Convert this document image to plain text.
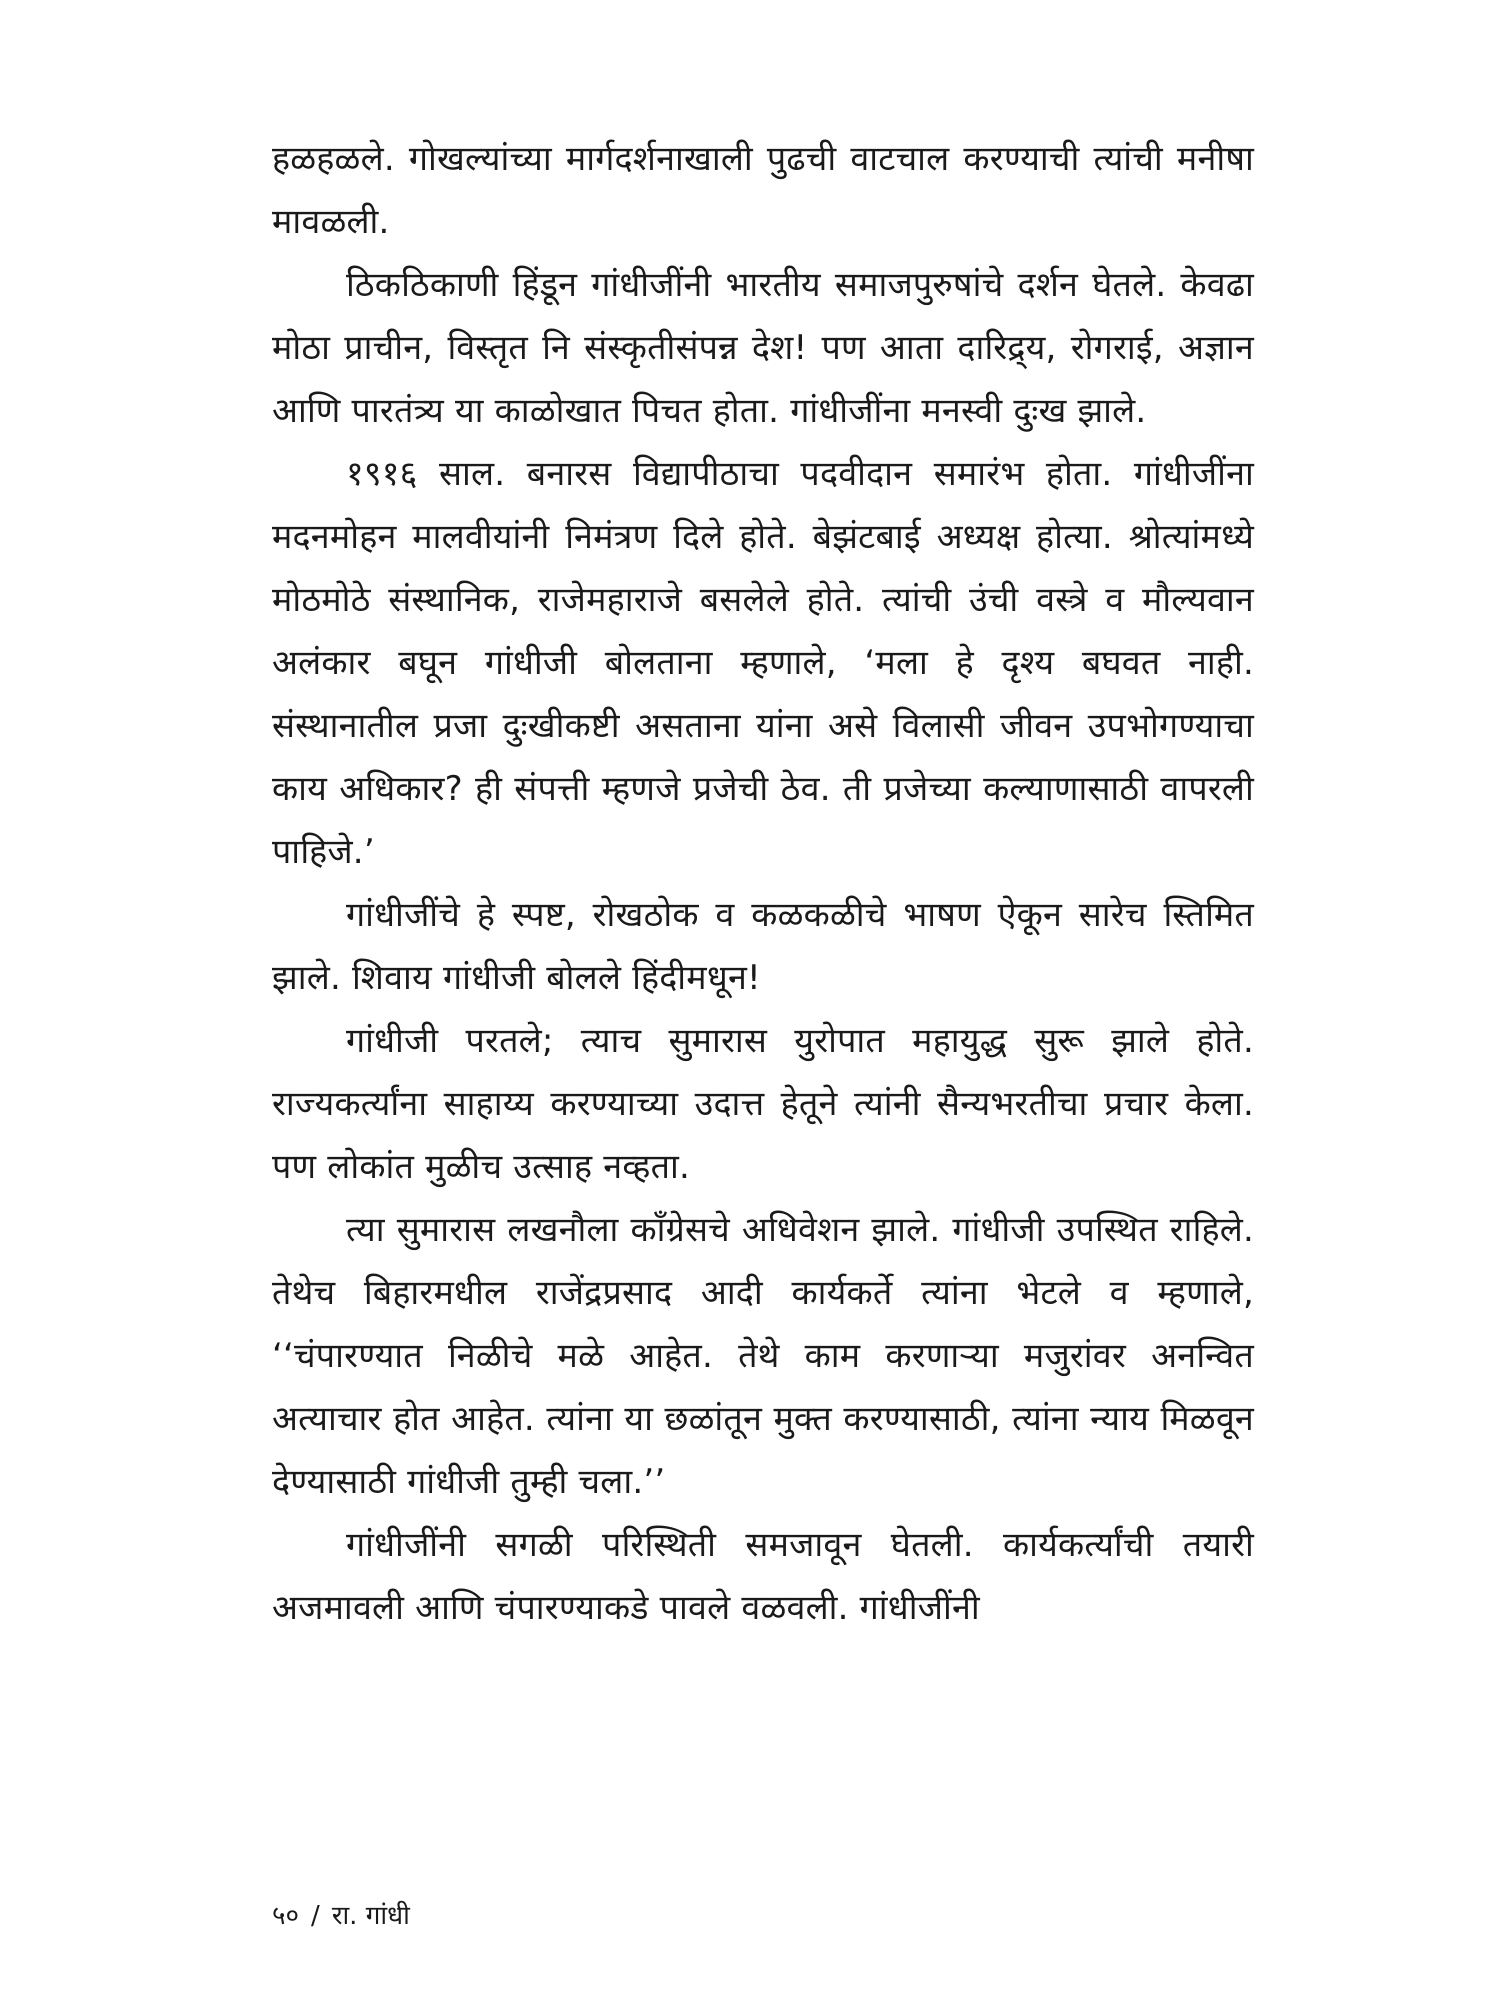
हळहळले. गोखल्यांच्या मार्गदर्शनाखाली पुढची वाटचाल करण्याची त्यांची मनीषा मावळली.

ठिकठिकाणी हिंडून गांधीजींनी भारतीय समाजपुरुषांचे दर्शन घेतले. केवढा मोठा प्राचीन, विस्तृत नि संस्कृतीसंपन्न देश! पण आता दारिद्र्य, रोगराई, अज्ञान आणि पारतंत्र्य या काळोखात पिचत होता. गांधीजींना मनस्वी दुःख झाले.

१९१६ साल. बनारस विद्यापीठाचा पदवीदान समारंभ होता. गांधीजींना मदनमोहन मालवीयांनी निमंत्रण दिले होते. बेझंटबाई अध्यक्ष होत्या. श्रोत्यांमध्ये मोठमोठे संस्थानिक, राजेमहाराजे बसलेले होते. त्यांची उंची वस्त्रे व मौल्यवान अलंकार बघून गांधीजी बोलताना म्हणाले, ‘मला हे दृश्य बघवत नाही. संस्थानातील प्रजा दुःखीकष्टी असताना यांना असे विलासी जीवन उपभोगण्याचा काय अधिकार? ही संपत्ती म्हणजे प्रजेची ठेव. ती प्रजेच्या कल्याणासाठी वापरली पाहिजे.’

गांधीजींचे हे स्पष्ट, रोखठोक व कळकळीचे भाषण ऐकून सारेच स्तिमित झाले. शिवाय गांधीजी बोलले हिंदीमधून!

गांधीजी परतले; त्याच सुमारास युरोपात महायुद्ध सुरू झाले होते. राज्यकर्त्यांना साहाय्य करण्याच्या उदात्त हेतूने त्यांनी सैन्यभरतीचा प्रचार केला. पण लोकांत मुळीच उत्साह नव्हता.

त्या सुमारास लखनौला काँग्रेसचे अधिवेशन झाले. गांधीजी उपस्थित राहिले. तेथेच बिहारमधील राजेंद्रप्रसाद आदी कार्यकर्ते त्यांना भेटले व म्हणाले, ‘‘चंपारण्यात निळीचे मळे आहेत. तेथे काम करणाऱ्या मजुरांवर अनन्वित अत्याचार होत आहेत. त्यांना या छळांतून मुक्त करण्यासाठी, त्यांना न्याय मिळवून देण्यासाठी गांधीजी तुम्ही चला.’’

गांधीजींनी सगळी परिस्थिती समजावून घेतली. कार्यकर्त्यांची तयारी अजमावली आणि चंपारण्याकडे पावले वळवली. गांधीजींनी

५० / रा. गांधी
